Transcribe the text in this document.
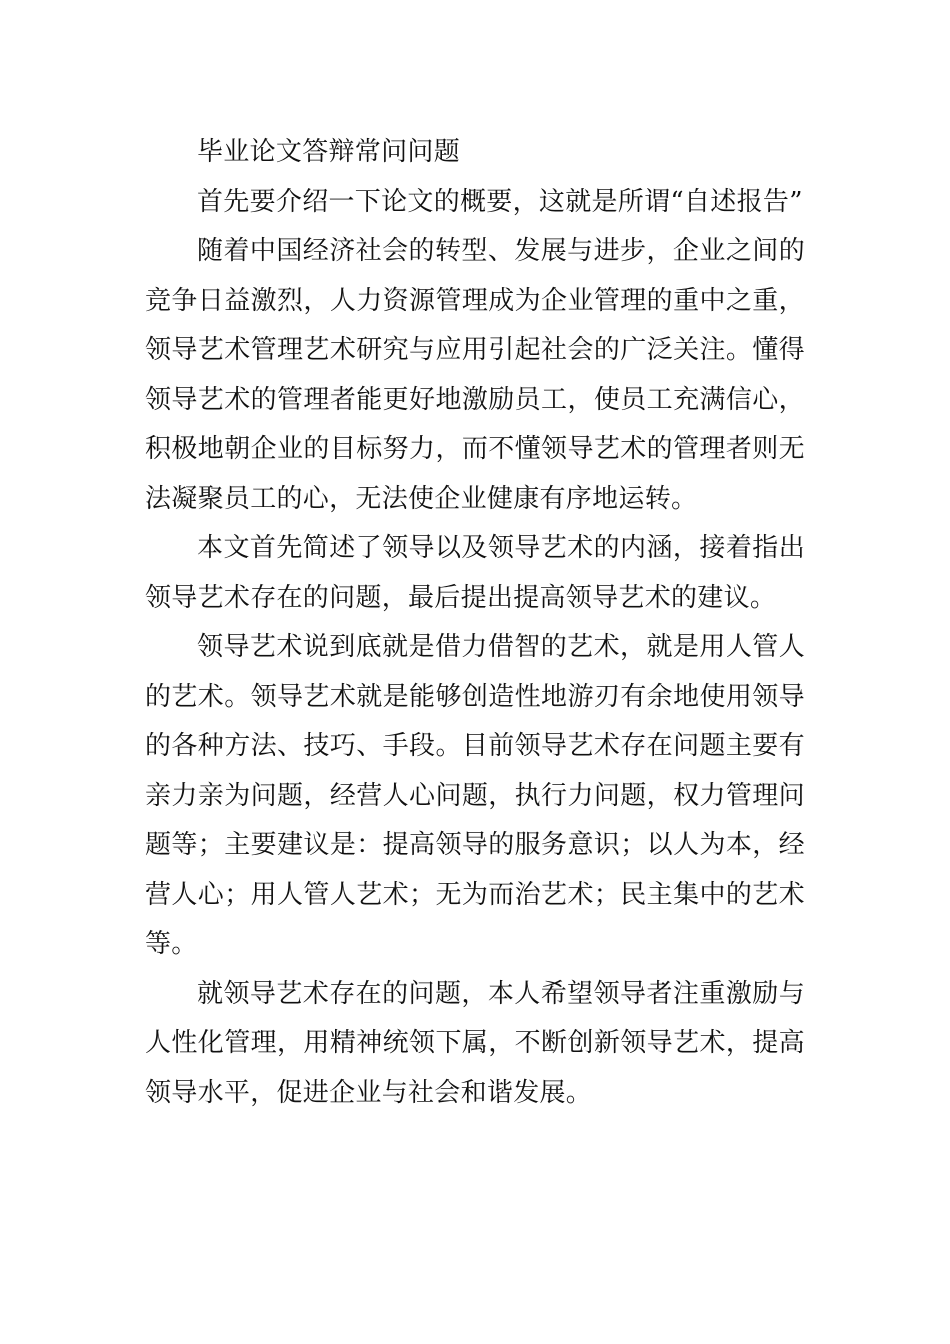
毕业论文答辩常问问题

首先要介绍一下论文的概要，这就是所谓“自述报告”

随着中国经济社会的转型、发展与进步，企业之间的竞争日益激烈，人力资源管理成为企业管理的重中之重，领导艺术管理艺术研究与应用引起社会的广泛关注。懂得领导艺术的管理者能更好地激励员工，使员工充满信心，积极地朝企业的目标努力，而不懂领导艺术的管理者则无法凝聚员工的心，无法使企业健康有序地运转。

本文首先简述了领导以及领导艺术的内涵，接着指出领导艺术存在的问题，最后提出提高领导艺术的建议。

领导艺术说到底就是借力借智的艺术，就是用人管人的艺术。领导艺术就是能够创造性地游刃有余地使用领导的各种方法、技巧、手段。目前领导艺术存在问题主要有亲力亲为问题，经营人心问题，执行力问题，权力管理问题等；主要建议是：提高领导的服务意识；以人为本，经营人心；用人管人艺术；无为而治艺术；民主集中的艺术等。

就领导艺术存在的问题，本人希望领导者注重激励与人性化管理，用精神统领下属，不断创新领导艺术，提高领导水平，促进企业与社会和谐发展。
